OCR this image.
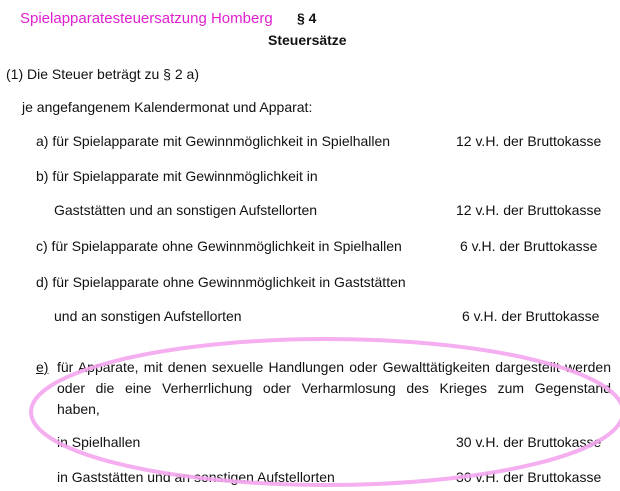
Spielapparatesteuersatzung Homberg § 4
Steuersätze
(1) Die Steuer beträgt zu § 2 a)
je angefangenem Kalendermonat und Apparat:
a) für Spielapparate mit Gewinnmöglichkeit in Spielhallen	12 v.H. der Bruttokasse
b) für Spielapparate mit Gewinnmöglichkeit in
Gaststätten und an sonstigen Aufstellorten	12 v.H. der Bruttokasse
c) für Spielapparate ohne Gewinnmöglichkeit in Spielhallen	6 v.H. der Bruttokasse
d) für Spielapparate ohne Gewinnmöglichkeit in Gaststätten
und an sonstigen Aufstellorten	6 v.H. der Bruttokasse
e) für Apparate, mit denen sexuelle Handlungen oder Gewalttätigkeiten dargestellt werden
oder die eine Verherrlichung oder Verharmlosung des Krieges zum Gegenstand
haben,
in Spielhallen	30 v.H. der Bruttokasse
in Gaststätten und an sonstigen Aufstellorten	30 v.H. der Bruttokasse
